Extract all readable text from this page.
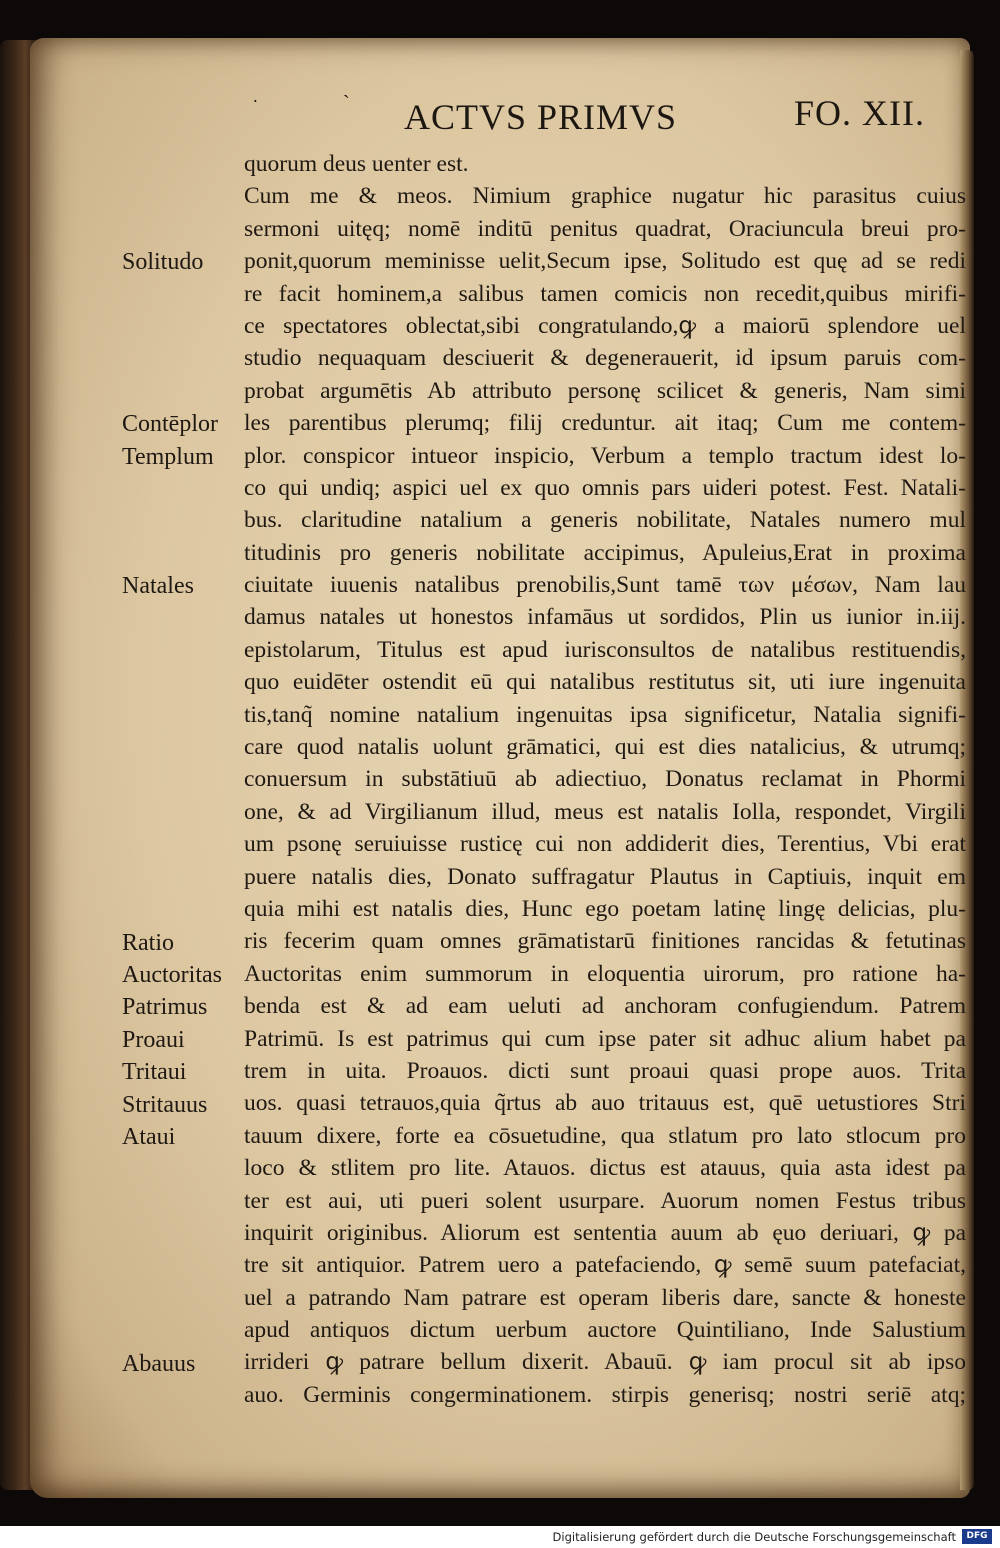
˙	ˋ ACTVS PRIMVS	FO. XII.
quorum deus uenter est.
Cum me & meos. Nimium graphice nugatur hic parasitus cuius
sermoni uitęq; nomē inditū penitus quadrat, Oraciuncula breui pro-
ponit,quorum meminisse uelit,Secum ipse, Solitudo est quę ad se redi
re facit hominem,a salibus tamen comicis non recedit,quibus mirifi-
ce spectatores oblectat,sibi congratulando,ꝙ a maiorū splendore uel
studio nequaquam desciuerit & degenerauerit, id ipsum paruis com-
probat argumētis Ab attributo personę scilicet & generis, Nam simi
les parentibus plerumq; filij creduntur. ait itaq; Cum me contem-
plor. conspicor intueor inspicio, Verbum a templo tractum idest lo-
co qui undiq; aspici uel ex quo omnis pars uideri potest. Fest. Natali-
bus. claritudine natalium a generis nobilitate, Natales numero mul
titudinis pro generis nobilitate accipimus, Apuleius,Erat in proxima
ciuitate iuuenis natalibus prenobilis,Sunt tamē των μέσων, Nam lau
damus natales ut honestos infamāus ut sordidos, Plin us iunior in.iij.
epistolarum, Titulus est apud iurisconsultos de natalibus restituendis,
quo euidēter ostendit eū qui natalibus restitutus sit, uti iure ingenuita
tis,tanq̃ nomine natalium ingenuitas ipsa significetur, Natalia signifi-
care quod natalis uolunt grāmatici, qui est dies natalicius, & utrumq;
conuersum in substātiuū ab adiectiuo, Donatus reclamat in Phormi
one, & ad Virgilianum illud, meus est natalis Iolla, respondet, Virgili
um psonę seruiuisse rusticę cui non addiderit dies, Terentius, Vbi erat
puere natalis dies, Donato suffragatur Plautus in Captiuis, inquit em
quia mihi est natalis dies, Hunc ego poetam latinę lingę delicias, plu-
ris fecerim quam omnes grāmatistarū finitiones rancidas & fetutinas
Auctoritas enim summorum in eloquentia uirorum, pro ratione ha-
benda est & ad eam ueluti ad anchoram confugiendum. Patrem
Patrimū. Is est patrimus qui cum ipse pater sit adhuc alium habet pa
trem in uita. Proauos. dicti sunt proaui quasi prope auos. Trita
uos. quasi tetrauos,quia q̃rtus ab auo tritauus est, quē uetustiores Stri
tauum dixere, forte ea cōsuetudine, qua stlatum pro lato stlocum pro
loco & stlitem pro lite. Atauos. dictus est atauus, quia asta idest pa
ter est aui, uti pueri solent usurpare. Auorum nomen Festus tribus
inquirit originibus. Aliorum est sententia auum ab ęuo deriuari, ꝙ pa
tre sit antiquior. Patrem uero a patefaciendo, ꝙ semē suum patefaciat,
uel a patrando Nam patrare est operam liberis dare, sancte & honeste
apud antiquos dictum uerbum auctore Quintiliano, Inde Salustium
irrideri ꝙ patrare bellum dixerit. Abauū. ꝙ iam procul sit ab ipso
auo. Germinis congerminationem. stirpis generisq; nostri seriē atq;
Solitudo
Contēplor
Templum
Natales
Ratio
Auctoritas
Patrimus
Proaui
Tritaui
Stritauus
Ataui
Abauus
Digitalisierung gefördert durch die Deutsche Forschungsgemeinschaft	DFG
